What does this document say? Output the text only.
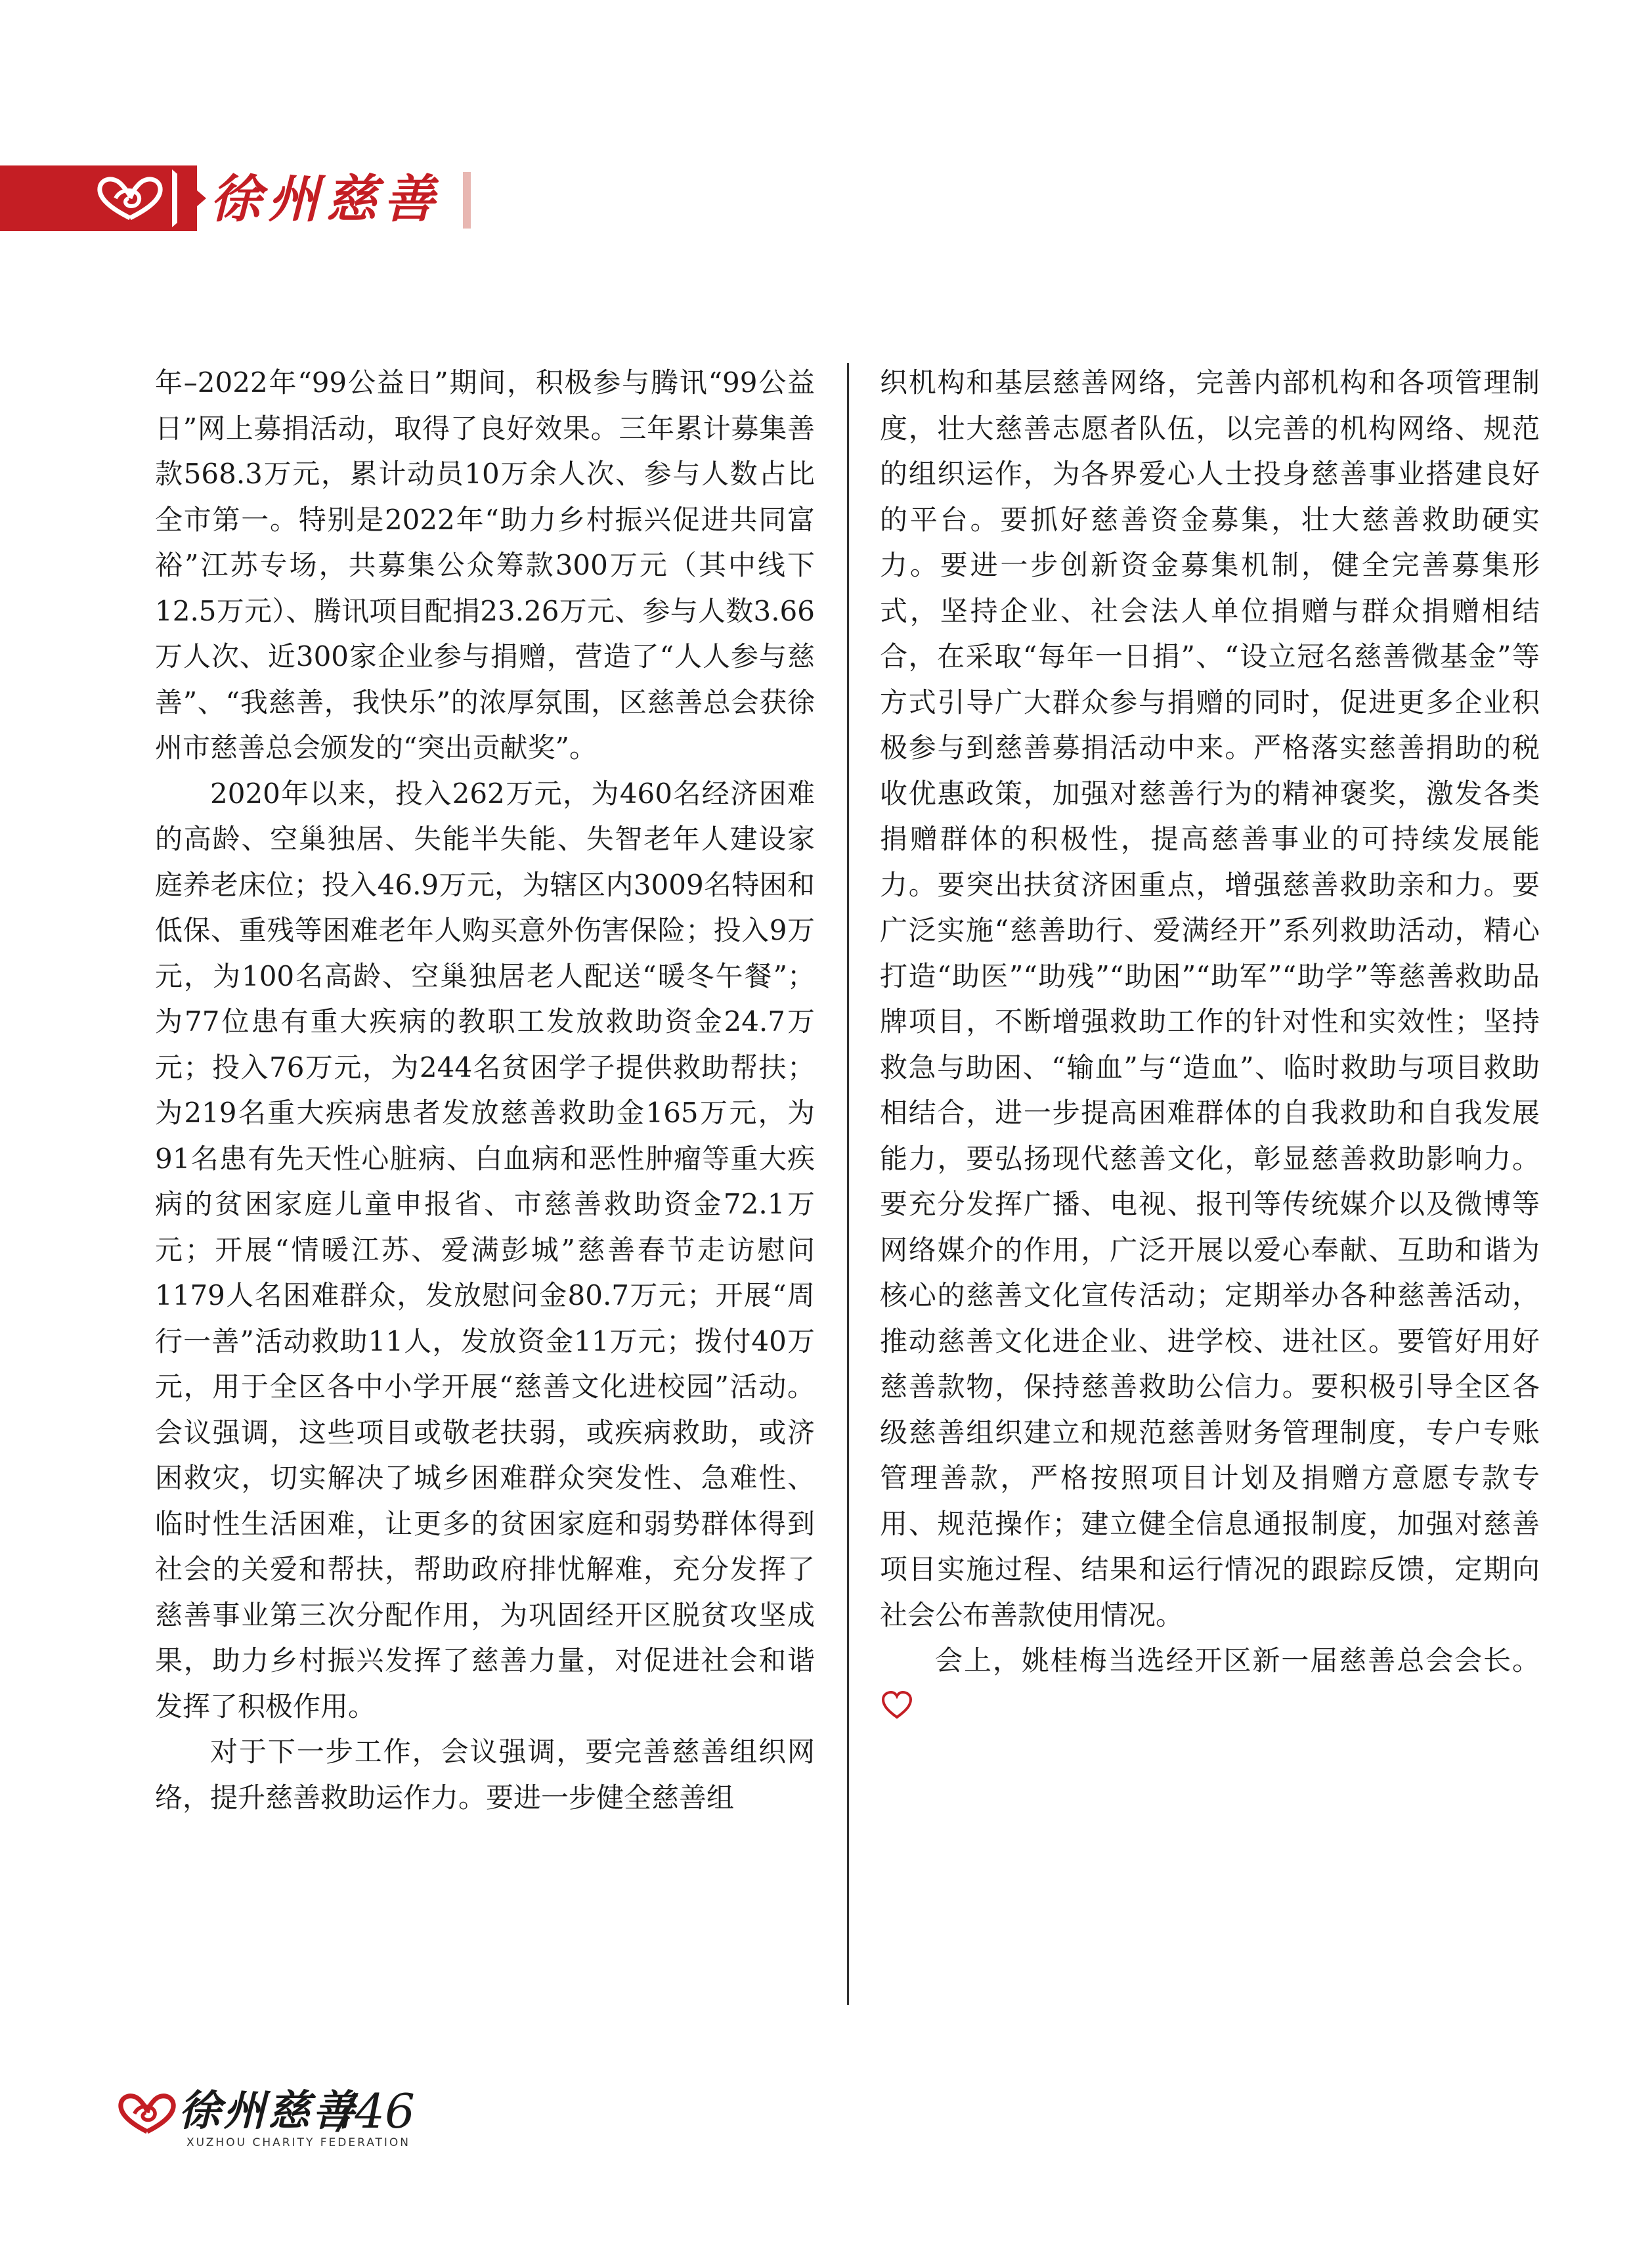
徐州慈善

年–2022年“99公益日”期间，积极参与腾讯“99公益日”网上募捐活动，取得了良好效果。三年累计募集善款568.3万元，累计动员10万余人次、参与人数占比全市第一。特别是2022年“助力乡村振兴促进共同富裕”江苏专场，共募集公众筹款300万元（其中线下12.5万元）、腾讯项目配捐23.26万元、参与人数3.66万人次、近300家企业参与捐赠，营造了“人人参与慈善”、“我慈善，我快乐”的浓厚氛围，区慈善总会获徐州市慈善总会颁发的“突出贡献奖”。

2020年以来，投入262万元，为460名经济困难的高龄、空巢独居、失能半失能、失智老年人建设家庭养老床位；投入46.9万元，为辖区内3009名特困和低保、重残等困难老年人购买意外伤害保险；投入9万元，为100名高龄、空巢独居老人配送“暖冬午餐”；为77位患有重大疾病的教职工发放救助资金24.7万元；投入76万元，为244名贫困学子提供救助帮扶；为219名重大疾病患者发放慈善救助金165万元，为91名患有先天性心脏病、白血病和恶性肿瘤等重大疾病的贫困家庭儿童申报省、市慈善救助资金72.1万元；开展“情暖江苏、爱满彭城”慈善春节走访慰问1179人名困难群众，发放慰问金80.7万元；开展“周行一善”活动救助11人，发放资金11万元；拨付40万元，用于全区各中小学开展“慈善文化进校园”活动。会议强调，这些项目或敬老扶弱，或疾病救助，或济困救灾，切实解决了城乡困难群众突发性、急难性、临时性生活困难，让更多的贫困家庭和弱势群体得到社会的关爱和帮扶，帮助政府排忧解难，充分发挥了慈善事业第三次分配作用，为巩固经开区脱贫攻坚成果，助力乡村振兴发挥了慈善力量，对促进社会和谐发挥了积极作用。

对于下一步工作，会议强调，要完善慈善组织网络，提升慈善救助运作力。要进一步健全慈善组

织机构和基层慈善网络，完善内部机构和各项管理制度，壮大慈善志愿者队伍，以完善的机构网络、规范的组织运作，为各界爱心人士投身慈善事业搭建良好的平台。要抓好慈善资金募集，壮大慈善救助硬实力。要进一步创新资金募集机制，健全完善募集形式，坚持企业、社会法人单位捐赠与群众捐赠相结合，在采取“每年一日捐”、“设立冠名慈善微基金”等方式引导广大群众参与捐赠的同时，促进更多企业积极参与到慈善募捐活动中来。严格落实慈善捐助的税收优惠政策，加强对慈善行为的精神褒奖，激发各类捐赠群体的积极性，提高慈善事业的可持续发展能力。要突出扶贫济困重点，增强慈善救助亲和力。要广泛实施“慈善助行、爱满经开”系列救助活动，精心打造“助医”“助残”“助困”“助军”“助学”等慈善救助品牌项目，不断增强救助工作的针对性和实效性；坚持救急与助困、“输血”与“造血”、临时救助与项目救助相结合，进一步提高困难群体的自我救助和自我发展能力，要弘扬现代慈善文化，彰显慈善救助影响力。要充分发挥广播、电视、报刊等传统媒介以及微博等网络媒介的作用，广泛开展以爱心奉献、互助和谐为核心的慈善文化宣传活动；定期举办各种慈善活动，推动慈善文化进企业、进学校、进社区。要管好用好慈善款物，保持慈善救助公信力。要积极引导全区各级慈善组织建立和规范慈善财务管理制度，专户专账管理善款，严格按照项目计划及捐赠方意愿专款专用、规范操作；建立健全信息通报制度，加强对慈善项目实施过程、结果和运行情况的跟踪反馈，定期向社会公布善款使用情况。

会上，姚桂梅当选经开区新一届慈善总会会长。

徐州慈善
/46
XUZHOU CHARITY FEDERATION
